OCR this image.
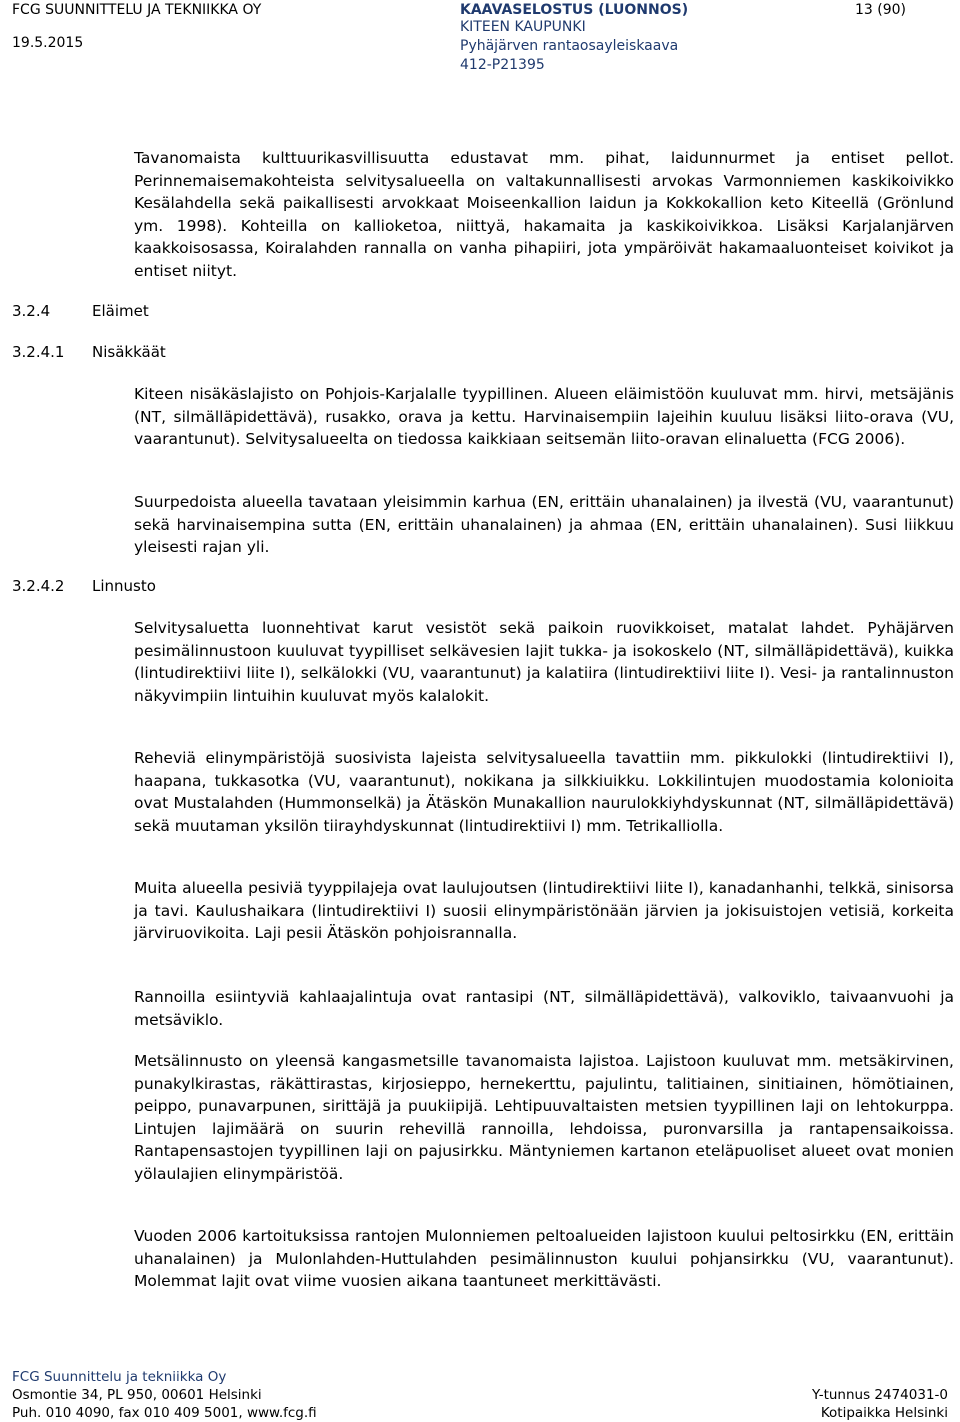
FCG SUUNNITTELU JA TEKNIIKKA OY
19.5.2015
KAAVASELOSTUS (LUONNOS)
KITEEN KAUPUNKI
Pyhäjärven rantaosayleiskaava
412-P21395
13 (90)

Tavanomaista kulttuurikasvillisuutta edustavat mm. pihat, laidunnurmet ja entiset pellot. Perinnemaisemakohteista selvitysalueella on valtakunnallisesti arvokas Varmonniemen kaskikoivikko Kesälahdella sekä paikallisesti arvokkaat Moiseenkallion laidun ja Kokkokallion keto Kiteellä (Grönlund ym. 1998). Kohteilla on kallioketoa, niittyä, hakamaita ja kaskikoivikkoa. Lisäksi Karjalanjärven kaakkoisosassa, Koiralahden rannalla on vanha pihapiiri, jota ympäröivät hakamaaluonteiset koivikot ja entiset niityt.

3.2.4	Eläimet
3.2.4.1 Nisäkkäät

Kiteen nisäkäslajisto on Pohjois-Karjalalle tyypillinen. Alueen eläimistöön kuuluvat mm. hirvi, metsäjänis (NT, silmälläpidettävä), rusakko, orava ja kettu. Harvinaisempiin lajeihin kuuluu lisäksi liito-orava (VU, vaarantunut). Selvitysalueelta on tiedossa kaikkiaan seitsemän liito-oravan elinaluetta (FCG 2006).

Suurpedoista alueella tavataan yleisimmin karhua (EN, erittäin uhanalainen) ja ilvestä (VU, vaarantunut) sekä harvinaisempina sutta (EN, erittäin uhanalainen) ja ahmaa (EN, erittäin uhanalainen). Susi liikkuu yleisesti rajan yli.

3.2.4.2 Linnusto

Selvitysaluetta luonnehtivat karut vesistöt sekä paikoin ruovikkoiset, matalat lahdet. Pyhäjärven pesimälinnustoon kuuluvat tyypilliset selkävesien lajit tukka- ja isokoskelo (NT, silmälläpidettävä), kuikka (lintudirektiivi liite I), selkälokki (VU, vaarantunut) ja kalatiira (lintudirektiivi liite I). Vesi- ja rantalinnuston näkyvimpiin lintuihin kuuluvat myös kalalokit.

Reheviä elinympäristöjä suosivista lajeista selvitysalueella tavattiin mm. pikkulokki (lintudirektiivi I), haapana, tukkasotka (VU, vaarantunut), nokikana ja silkkiuikku. Lokkilintujen muodostamia kolonioita ovat Mustalahden (Hummonselkä) ja Ätäskön Munakallion naurulokkiyhdyskunnat (NT, silmälläpidettävä) sekä muutaman yksilön tiirayhdyskunnat (lintudirektiivi I) mm. Tetrikalliolla.

Muita alueella pesiviä tyyppilajeja ovat laulujoutsen (lintudirektiivi liite I), kanadanhanhi, telkkä, sinisorsa ja tavi. Kaulushaikara (lintudirektiivi I) suosii elinympäristönään järvien ja jokisuistojen vetisiä, korkeita järviruovikoita. Laji pesii Ätäskön pohjoisrannalla.

Rannoilla esiintyviä kahlaajalintuja ovat rantasipi (NT, silmälläpidettävä), valkoviklo, taivaanvuohi ja metsäviklo.

Metsälinnusto on yleensä kangasmetsille tavanomaista lajistoa. Lajistoon kuuluvat mm. metsäkirvinen, punakylkirastas, räkättirastas, kirjosieppo, hernekerttu, pajulintu, talitiainen, sinitiainen, hömötiainen, peippo, punavarpunen, sirittäjä ja puukiipijä. Lehtipuuvaltaisten metsien tyypillinen laji on lehtokurppa. Lintujen lajimäärä on suurin rehevillä rannoilla, lehdoissa, puronvarsilla ja rantapensaikoissa. Rantapensastojen tyypillinen laji on pajusirkku. Mäntyniemen kartanon eteläpuoliset alueet ovat monien yölaulajien elinympäristöä.

Vuoden 2006 kartoituksissa rantojen Mulonniemen peltoalueiden lajistoon kuului peltosirkku (EN, erittäin uhanalainen) ja Mulonlahden-Huttulahden pesimälinnuston kuului pohjansirkku (VU, vaarantunut). Molemmat lajit ovat viime vuosien aikana taantuneet merkittävästi.

FCG Suunnittelu ja tekniikka Oy
Osmontie 34, PL 950, 00601 Helsinki	Y-tunnus 2474031-0
Puh. 010 4090, fax 010 409 5001, www.fcg.fi	Kotipaikka Helsinki
